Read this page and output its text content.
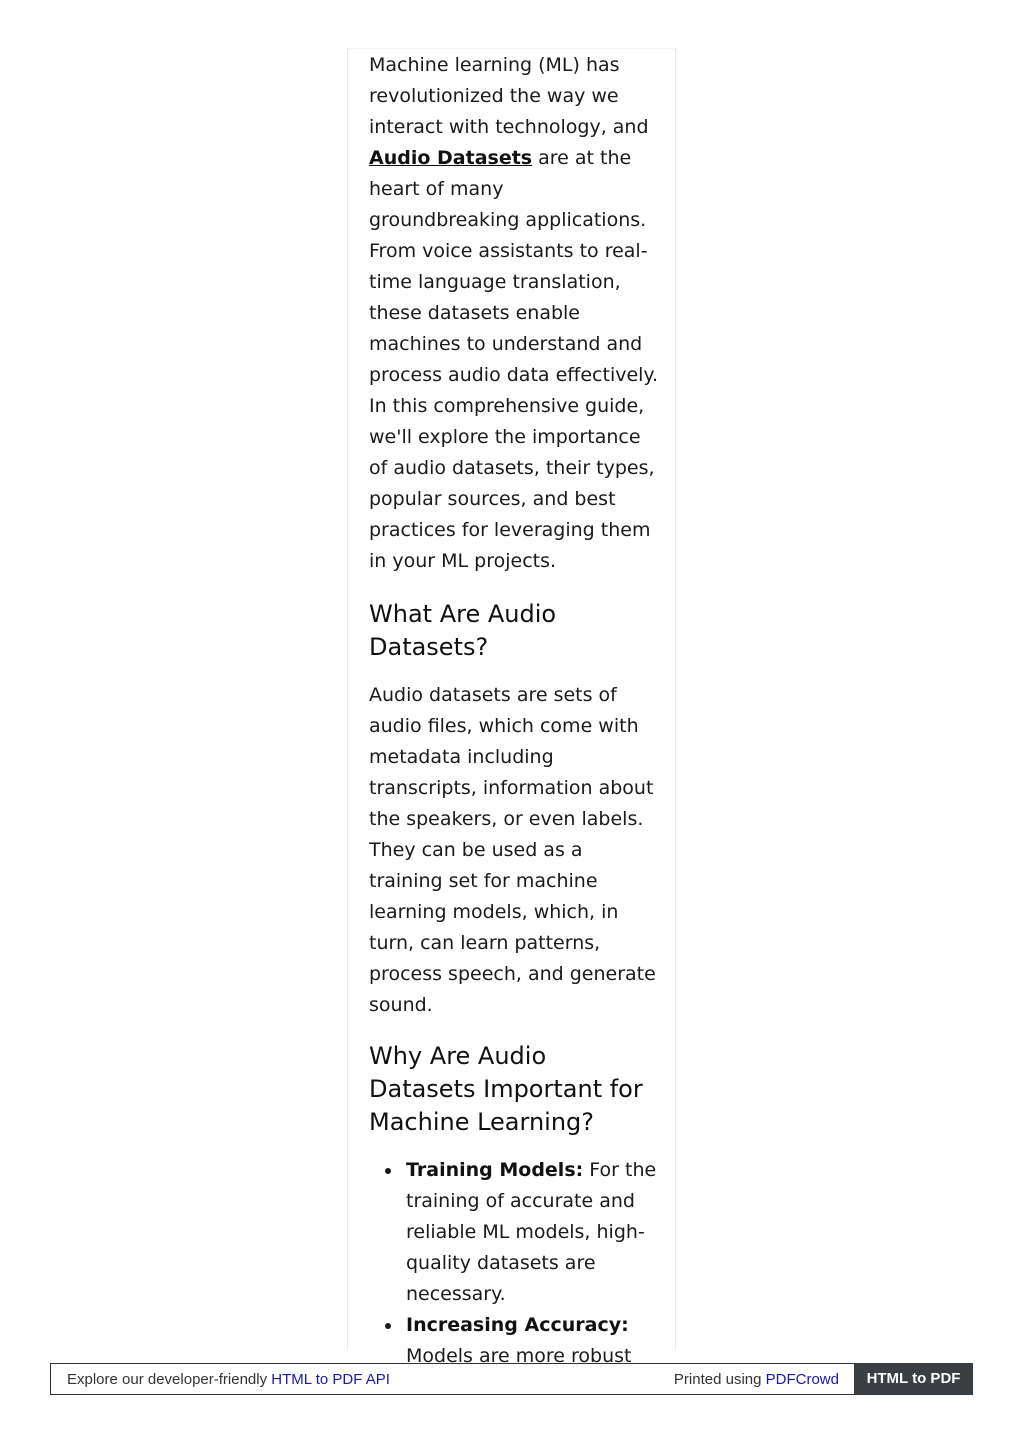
Machine learning (ML) has revolutionized the way we interact with technology, and Audio Datasets are at the heart of many groundbreaking applications. From voice assistants to real-time language translation, these datasets enable machines to understand and process audio data effectively. In this comprehensive guide, we'll explore the importance of audio datasets, their types, popular sources, and best practices for leveraging them in your ML projects.

What Are Audio Datasets?

Audio datasets are sets of audio files, which come with metadata including transcripts, information about the speakers, or even labels. They can be used as a training set for machine learning models, which, in turn, can learn patterns, process speech, and generate sound.

Why Are Audio Datasets Important for Machine Learning?
Training Models: For the training of accurate and reliable ML models, high-quality datasets are necessary.
Increasing Accuracy: Models are more robust
Explore our developer-friendly HTML to PDF API	Printed using PDFCrowd	HTML to PDF
